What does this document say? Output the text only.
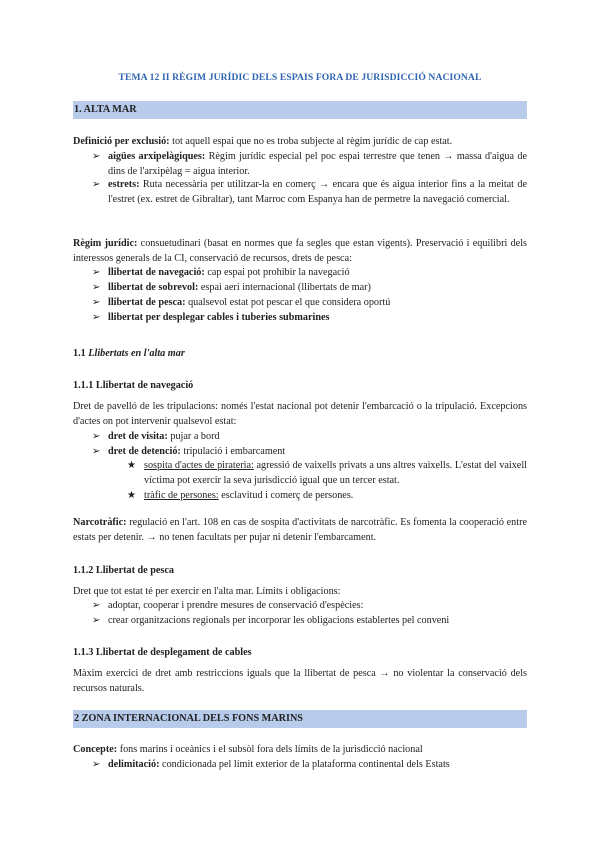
TEMA 12 II RÈGIM JURÍDIC DELS ESPAIS FORA DE JURISDICCIÓ NACIONAL
1. ALTA MAR
Definició per exclusió: tot aquell espai que no es troba subjecte al règim jurídic de cap estat.
➢ aigües arxipelàgiques: Règim jurídic especial pel poc espai terrestre que tenen → massa d'aigua de dins de l'arxipèlag = aigua interior.
➢ estrets: Ruta necessària per utilitzar-la en comerç → encara que és aigua interior fins a la meitat de l'estret (ex. estret de Gibraltar), tant Marroc com Espanya han de permetre la navegació comercial.
Règim jurídic: consuetudinari (basat en normes que fa segles que estan vigents). Preservació i equilibri dels interessos generals de la CI, conservació de recursos, drets de pesca:
➢ llibertat de navegació: cap espai pot prohibir la navegació
➢ llibertat de sobrevol: espai aeri internacional (llibertats de mar)
➢ llibertat de pesca: qualsevol estat pot pescar el que considera oportú
➢ llibertat per desplegar cables i tuberies submarines
1.1 Llibertats en l'alta mar
1.1.1 Llibertat de navegació
Dret de pavelló de les tripulacions: només l'estat nacional pot detenir l'embarcació o la tripulació. Excepcions d'actes on pot intervenir qualsevol estat:
➢ dret de visita: pujar a bord
➢ dret de detenció: tripulació i embarcament
★ sospita d'actes de pirateria: agressió de vaixells privats a uns altres vaixells. L'estat del vaixell víctima pot exercir la seva jurisdicció igual que un tercer estat.
★ tràfic de persones: esclavitud i comerç de persones.
Narcotràfic: regulació en l'art. 108 en cas de sospita d'activitats de narcotràfic. Es fomenta la cooperació entre estats per detenir. → no tenen facultats per pujar ni detenir l'embarcament.
1.1.2 Llibertat de pesca
Dret que tot estat té per exercir en l'alta mar. Límits i obligacions:
➢ adoptar, cooperar i prendre mesures de conservació d'espècies:
➢ crear organitzacions regionals per incorporar les obligacions establertes pel conveni
1.1.3 Llibertat de desplegament de cables
Màxim exercici de dret amb restriccions iguals que la llibertat de pesca → no violentar la conservació dels recursos naturals.
2 ZONA INTERNACIONAL DELS FONS MARINS
Concepte: fons marins i oceànics i el subsòl fora dels límits de la jurisdicció nacional
➢ delimitació: condicionada pel límit exterior de la plataforma continental dels Estats
